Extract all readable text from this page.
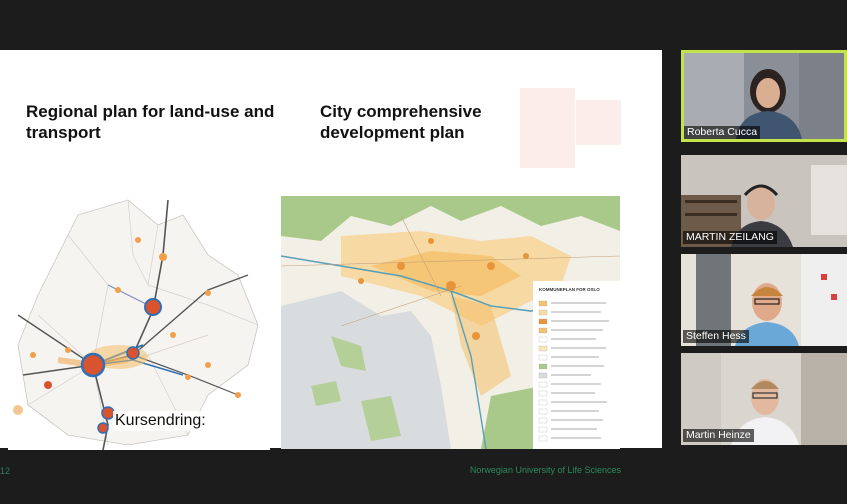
Regional plan for land-use and
transport
City comprehensive
development plan
KOMMUNEPLAN FOR OSLO
Kursendring:
12	Norwegian University of Life Sciences
Roberta Cucca
MARTIN ZEILANG
Steffen Hess
Martin Heinze
